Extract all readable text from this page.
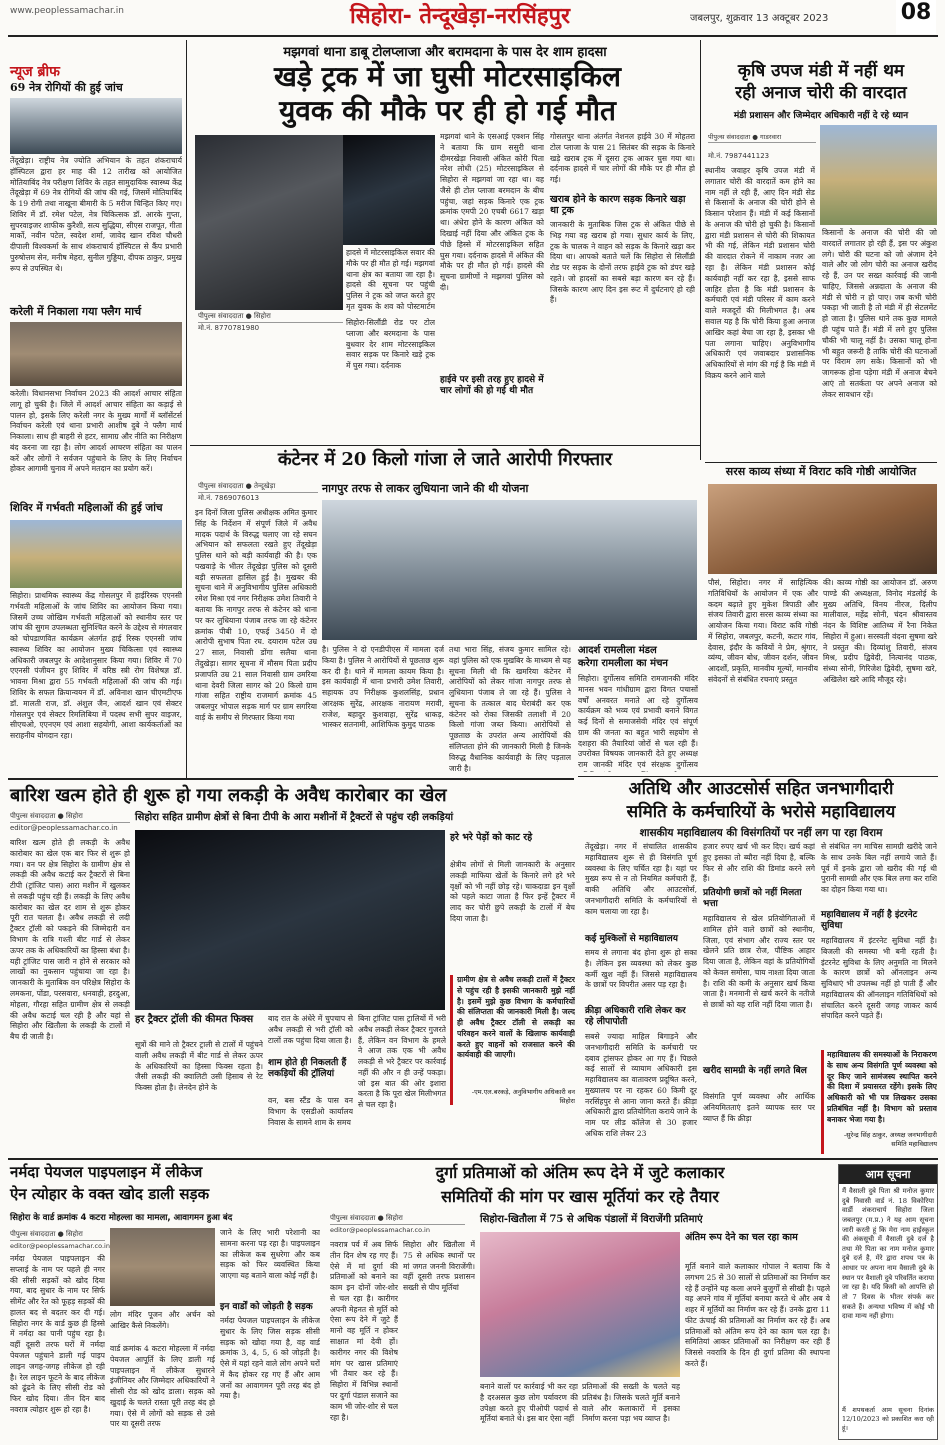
www.peoplessamachar.in	सिहोरा- तेन्दूखेड़ा-नरसिंहपुर	जबलपुर, शुक्रवार 13 अक्टूबर 2023	08
न्यूज ब्रीफ
69 नेत्र रोगियों की हुई जांच
तेंदूखेड़ा। राष्ट्रीय नेत्र ज्योति अभियान के तहत शंकराचार्य हॉस्पिटल द्वारा हर माह की 12 तारीख को आयोजित मोतियाबिंद नेत्र परीक्षण शिविर के तहत सामुदायिक स्वास्थ्य केंद्र तेंदूखेड़ा में 69 नेत्र रोगियों की जांच की गई, जिसमें मोतियाबिंद के 19 रोगी तथा नाखूना बीमारी के 5 मरीज चिन्हित किए गए। शिविर में डॉ. रमेश पटेल, नेत्र चिकित्सक डॉ. आरके गुप्ता, सुपरवाइजर शाफीक कुरैशी, सत्य सुद्धिया, सीएस राजपूत, गीता मार्को, नवीन पटेल, स्वदेश शर्मा, जावेद खान रविश चौधरी दीपाली विश्वकर्मा के साथ शंकराचार्य हॉस्पिटल से कैंप प्रभारी पुरुषोत्तम सेन, मनीष मेहरा, सुनील गुड्डिया, दीपक ठाकुर, प्रमुख रूप से उपस्थित थे।
करेली में निकाला गया फ्लैग मार्च
करेली। विधानसभा निर्वाचन 2023 की आदर्श आचार संहिता लागू हो चुकी है। जिले में आदर्श आचार संहिता का कड़ाई से पालन हो, इसके लिए करेली नगर के मुख्य मार्गों में ब्लॉसेंटर्स निर्वाचन करेली एवं थाना प्रभारी आशीष दुबे ने फ्लैग मार्च निकाला। साथ ही बाहरी से हटर, सामाग्र और नीति का निरीक्षण बंद करना जा रहा है। लोग आदर्श आचरण संहिता का पालन करें और लोगों ने सर्वजन पहुंचाने के लिए के लिए निर्वाचन होकर आगामी चुनाव में अपने मतदान का प्रयोग करें।
शिविर में गर्भवती महिलाओं की हुई जांच
सिहोरा। प्राथमिक स्वास्थ्य केंद्र गोसलपुर में हाईरिस्क एएनसी गर्भवती महिलाओं के जांच शिविर का आयोजन किया गया। जिसमें उच्च जोखिम गर्भवती महिलाओं को स्थानीय स्तर पर जांच की सुगम उपलब्धता सुनिश्चित करने के उद्देश्य से मंगलवार को चोपडाणवित कार्यक्रम अंतर्गत हाई रिस्क एएनसी जांच स्वास्थ्य शिविर का आयोजन मुख्य चिकित्सा एवं स्वास्थ्य अधिकारी जबलपुर के आदेशानुसार किया गया। शिविर में 70 एएनसी पंजीयन हुए शिविर में वरिष्ठ स्त्री रोग विशेषज्ञ डॉ. भावना मिश्रा द्वारा 55 गर्भवती महिलाओं की जांच की गई। शिविर के सफल क्रियान्वयन में डॉ. अविनाश खान चीएमटीएफ डॉ. मालती राज, डॉ. अंशुल जैन, आदर्श खान एवं सेक्टर गोसलपुर एवं सेक्टर रिमलिबिया में पदस्थ सभी सुपर वाइजर, सीएचओ, एएनएम एवं आशा सहयोगी, आशा कार्यकर्ताओं का सराहनीय योगदान रहा।
मझगवां थाना डाबू टोलप्लाजा और बरामदाना के पास देर शाम हादसा
खड़े ट्रक में जा घुसी मोटरसाइकिल
युवक की मौके पर ही हो गई मौत
पीपुल्स संवाददाता ● सिहोरा
मो.नं. 8770781980
हादसे में मोटरसाइकिल सवार की मौके पर ही मौत हो गई। मझगवां थाना क्षेत्र का बताया जा रहा है। हादसे की सूचना पर पहुंची पुलिस ने ट्रक को जप्त करते हुए मृत युवक के शव को पोस्टमार्टम
सिहोरा-सिलौंडी रोड पर टोल प्लाजा और बरमदाना के पास बुधवार देर शाम मोटरसाइकिल सवार सड़क पर किनारे खड़े ट्रक में घुस गया। दर्दनाक
मझगवां थाने के एसआई एक्शन सिंह ने बताया कि ग्राम ससुरी थाना दीमरखेड़ा निवासी अंकित कोरी पिता नरेश लोधी (25) मोटरसाइकिल से सिहोरा से मझगवां जा रहा था। वह जैसे ही टोल प्लाजा बरमदान के बीच पहुंचा, जहां सड़क किनारे एक ट्रक क्रमांक एमपी 20 एचबी 6617 खड़ा था। अंधेरा होने के कारण अंकित को दिखाई नहीं दिया और अंकित ट्रक के पीछे हिस्से में मोटरसाइकिल सहित घुस गया। दर्दनाक हादसे में अंकित की मौके पर ही मौत हो गई। हादसे की सूचना ग्रामीणों ने मझगवां पुलिस को दी।
हाईवे पर इसी तरह हुए हादसे में चार लोगों की हो गई थी मौत
गोसलपुर थाना अंतर्गत नेशनल हाईवे 30 में मोहतरा टोल प्लाजा के पास 21 सितंबर की सड़क के किनारे खड़े खराब ट्रक में दूसरा ट्रक आकर घुस गया था। दर्दनाक हादसे में चार लोगों की मौके पर ही मौत हो गई।
खराब होने के कारण सड़क किनारे खड़ा था ट्रक
जानकारी के मुताबिक जिस ट्रक से अंकित पीछे से भिड़ गया वह खराब हो गया। सुधार कार्य के लिए, ट्रक के चालक ने वाहन को सड़क के किनारे खड़ा कर दिया था। आपको बताते चलें कि सिहोरा से सिलौंडी रोड पर सड़क के दोनों तरफ हाईवे ट्रक को डंपर खड़े रहते। जो हादसों का सबसे बड़ा कारण बन रहे हैं। जिसके कारण आए दिन इस रूट में दुर्घटनाएं हो रही हैं।
कृषि उपज मंडी में नहीं थम
रही अनाज चोरी की वारदात
मंडी प्रशासन और जिम्मेदार अधिकारी नहीं दे रहे ध्यान
पीपुल्स संवाददाता ● गाडरवारा
मो.नं. 7987441123
स्थानीय जवाहर कृषि उपज मंडी में लगातार चोरी की वारदातें कम होने का नाम नहीं ले रही हैं, आए दिन मंडी सेड से किसानों के अनाज की चोरी होने से किसान परेशान हैं। मंडी में कई किसानों के अनाज की चोरी हो चुकी है। किसानों द्वारा मंडी प्रशासन से चोरी की शिकायत भी की गई, लेकिन मंडी प्रशासन चोरी की वारदात रोकने में नाकाम नजर आ रहा है। लेकिन मंडी प्रशासन कोई कार्यवाही नहीं कर रहा है, इससे साफ जाहिर होता है कि मंडी प्रशासन के कर्मचारी एवं मंडी परिसर में काम करने वाले मजदूरों की मिलीभगत है। अब सवाल यह है कि चोरी किया हुआ अनाज आखिर कहां बेचा जा रहा है, इसका भी पता लगाना चाहिए। अनुविभागीय अधिकारी एवं जवाबदार प्रशासनिक अधिकारियों से मांग की गई है कि मंडी में विक्रय करने आने वाले
किसानों के अनाज की चोरी की जो वारदातें लगातार हो रही हैं, इस पर अंकुश लगे। चोरी की घटना को जो अंजाम देने वाले और जो लोग चोरी का अनाज खरीद रहे हैं, उन पर सख्त कार्रवाई की जानी चाहिए, जिससे अन्नदाता के अनाज की मंडी से चोरी न हो पाए। जब कभी चोरी पकड़ा भी जाती है तो मंडी में ही सेटलमेंट हो जाता है। पुलिस थाने तक कुछ मामले ही पहुंच पाते हैं। मंडी में लगे हुए पुलिस चौकी भी चालू नहीं है। उसका चालू होना भी बहुत जरूरी है ताकि चोरी की घटनाओं पर विराम लग सके। किसानों को भी जागरूक होना पड़ेगा मंडी में अनाज बेचने आएं तो सतर्कता पर अपने अनाज को लेकर सावधान रहें।
कंटेनर में 20 किलो गांजा ले जाते आरोपी गिरफ्तार
पीपुल्स संवाददाता ● तेन्दूखेड़ा
मो.नं. 7869076013
नागपुर तरफ से लाकर लुधियाना जाने की थी योजना
इन दिनों जिला पुलिस अधीक्षक अमित कुमार सिंह के निर्देशन में संपूर्ण जिले में अवैध मादक पदार्थ के विरुद्ध चलाए जा रहे सघन अभियान को सफलता रखते हुए तेंदूखेड़ा पुलिस थाने को बड़ी कार्यवाही की है। एक पखवाड़े के भीतर तेंदूखेड़ा पुलिस को दूसरी बड़ी सफलता हासिल हुई है। मुखबर की सूचना थाने में अनुविभागीय पुलिस अधिकारी रमेश मिश्रा एवं नगर निरीक्षक उमेश तिवारी ने बताया कि नागपुर तरफ से कंटेनर को धाना पर कर लुधियाना पंजाब तरफ जा रहे कंटेनर क्रमांक पीबी 10, एफई 3450 में दो आरोपी सुभाष पिता रघ. दयाराम पटेल उम्र 27 साल, निवासी डोंगा सलैया थाना तेंदुखेड़ा। सागर सूचना में मौसम पिता प्रदीप प्रजापति उम्र 21 साल निवासी ग्राम उमरिया थाना देवरी जिला सागर को 20 किलो ग्राम गांजा सहित राष्ट्रीय राजमार्ग क्रमांक 45 जबलपुर भोपाल सड़क मार्ग पर ग्राम सगरिया वार्ड़ के समीप से गिरफ्तार किया गया
है। पुलिस ने दो एनडीपीएस में मामला दर्ज किया है। पुलिस ने आरोपियों से पूछताछ शुरू कर दी है। थाने में मामला कायम किया है। इस कार्यवाही में थाना प्रभारी उमेश तिवारी, सहायक उप निरीक्षक कुशलसिंह, प्रधान आरक्षक सुरेंद्र, आरक्षक नारायण मरावी, राजेश, बहादुर कुशवाहा, सुरेंद्र धाकड़, भास्कर सतनामी, आशिफिक कुमुद पाठक
तथा भारा सिंह, संजय कुमार सामिल रहे। वहां पुलिस को एक मुखबिर के माध्यम से यह सूचना मिली थी कि खमरिया कंटेनर में आरोपियों को लेकर गांजा नागपुर तरफ से लुधियाना पंजाब ले जा रहे हैं। पुलिस ने सूचना के तत्काल बाद घेराबंदी कर एक कंटेनर को रोका जिसकी तलाशी में 20 किलो गांजा जब्त किया। आरोपियों से पूछताछ के उपरांत अन्य आरोपियों की संलिप्तता होने की जानकारी मिली है जिनके विरुद्ध वैधानिक कार्यवाही के लिए पड़ताल जारी है।
आदर्श रामलीला मंडल
करेगा रामलीला का मंचन
सिहोरा। दुर्गोत्सव समिति रामजानकी मंदिर मानस भवन गांधीग्राम द्वारा विगत पचासों वर्षों अनवरत मनाते आ रहे दुर्गोत्सव कार्यक्रम को भव्य एवं प्रभावी बनाने विगत कई दिनों से समाजसेवी मंदिर एवं संपूर्ण ग्राम की जनता का बहुत भारी सहयोग से दशहरा की तैयारियां जोरों से चल रही हैं। उपरोक्त विषयक जानकारी देते हुए अध्यक्ष राम जानकी मंदिर एवं संरक्षक दुर्गोत्सव
सरस काव्य संध्या में विराट कवि गोष्ठी आयोजित
पौसं, सिहोरा। नगर में साहित्यिक गतिविधियों के आयोजन में एक और कदम बढ़ाते हुए मुकेश त्रिपाठी और संजय तिवारी द्वारा सरस काव्य संध्या का आयोजन किया गया। विराट कवि गोष्ठी में सिहोरा, जबलपुर, कटनी, कटार गांव, देवास, इंदौर के कवियों ने प्रेम, श्रृंगार, व्यंग्य, जीवन बोध, जीवन दर्शन, जीवन आदर्शों, प्रकृति, मानवीय मूल्यों, मानवीय संवेदनों से संबंधित रचनाएं प्रस्तुत
की। काव्य गोष्ठी का आयोजन डॉ. अरुण पाण्डे की अध्यक्षता, विनोद मंडलोई के मुख्य अतिथि, विनय नीरज, दिलीप मालीवाल, महेंद्र सोनी, चंदन श्रीवास्तव नंदन के विशिष्ट आतिथ्य में रैना निकेत सिहोरा में हुआ। सरस्वती वंदना सुषमा खरे ने प्रस्तुत की। दिव्यांशु तिवारी, संजय मिश्र, प्रदीप द्विवेदी, नित्यानंद पाठक, संध्या सोनी, गिरिजेश द्विवेदी, सुषमा खरे, अखिलेश खरे आदि मौजूद रहे।
अतिथि और आउटसोर्स सहित जनभागीदारी
समिति के कर्मचारियों के भरोसे महाविद्यालय
शासकीय महाविद्यालय की विसंगतियों पर नहीं लग पा रहा विराम
बारिश खत्म होते ही शुरू हो गया लकड़ी के अवैध कारोबार का खेल
पीपुल्स संवाददाता ● सिहोरा
editor@peoplessamachar.co.in
सिहोरा सहित ग्रामीण क्षेत्रों से बिना टीपी के आरा मशीनों में ट्रैक्टरों से पहुंच रही लकड़ियां
बारिश खत्म होते ही लकड़ी के अवैध कारोबार का खेल एक बार फिर से शुरू हो गया। वन पर क्षेत्र सिहोरा के ग्रामीण क्षेत्र से लकड़ी की अवैध कटाई कर ट्रैक्टरों से बिना टीपी (ट्रांजिट पास) आरा मशीन में खुलकर से लकड़ी पहुंच रही हैं। लकड़ी के लिए अवैध कारोबार का खेल दर शाम से शुरू होकर पूरी रात चलता है। अवैध लकड़ी से लदी ट्रैक्टर ट्रॉली को पकड़ने की जिम्मेदारी वन विभाग के रात्रि गश्ती बीट गार्ड से लेकर ऊपर तक के अधिकारियों का हिस्सा बंधा है। यही ट्रांजिट पास जारी न होने से सरकार को लाखों का नुकसान पहुंचाया जा रहा है। जानकारी के मुताबिक वन परिक्षेत्र सिहोरा के लमकना, पोंडा, परसवारा, धनवाही, हरदुआ, मोहला, गौरहा सहित ग्रामीण क्षेत्र से लकड़ी की अवैध कटाई चल रही है और यहां से सिहोरा और खितौला के लकड़ी के टालों में बैच दी जाती है।
हरे भरे पेड़ों को काट रहे
क्षेत्रीय लोगों से मिली जानकारी के अनुसार लकड़ी माफिया खेतों के किनारे लगे हरे भरे वृक्षों को भी नहीं छोड़ रहे। चाकदाडा इन वृक्षों को पहले काटा जाता है फिर इन्हें ट्रैक्टर में लाद कर चोरी छुपे लकड़ी के टालों में बेच दिया जाता है।
ग्रामीण क्षेत्र से अवैध लकड़ी टालों में ट्रैक्टर से पहुंच रही है इसकी जानकारी मुझे नहीं है। इसमें मुझे कुछ विभाग के कर्मचारियों की संलिप्तता की जानकारी मिली है। जल्द ही अवैध ट्रैक्टर टॉली से लकड़ी का परिवहन करने वालों के खिलाफ कार्यवाही करते हुए वाहनों को राजसात करने की कार्यवाही की जाएगी।
-एम.एल.बरकड़े, अनुविभागीय अधिकारी वन सिहोरा
हर ट्रैक्टर ट्रॉली की कीमत फिक्स
सूत्रों की माने तो ट्रैक्टर ट्राली से टालों में पहुंचने वाली अवैध लकड़ी में बीट गार्ड से लेकर ऊपर के अधिकारियों का हिस्सा फिक्स रहता है। जैसी लकड़ी की क्वालिटी उसी हिसाब से रेट फिक्स होता है। लेनदेन होने के
बाद रात के अंधेरे में चुपचाप से अवैध लकड़ी से भरी ट्रॉली को टालों तक पहुंचा दिया जाता है।
शाम होते ही निकलती हैं लकड़ियों की ट्रॉलियां
वन, बस स्टैंड के पास वन विभाग के एसडीओ कार्यालय निवास के सामने शाम के समय
बिना ट्रांजिट पास ट्रालियों में भरी अवैध लकड़ी लेकर ट्रैक्टर गुजरते हैं, लेकिन वन विभाग के हमले ने आज तक एक भी अवैध लकड़ी से भरे ट्रैक्टर पर कार्रवाई नहीं की और न ही उन्हें पकड़ा। जो इस बात की ओर इशारा करता है कि पूरा खेल मिलीभगत से चल रहा है।
तेंदूखेड़ा। नगर में संचालित शासकीय महाविद्यालय शुरू से ही विसंगति पूर्ण व्यवस्था के लिए चर्चित रहा है। यहां पर मुख्य रूप से न तो नियमित कर्मचारी हैं, बाकी अतिथि और आउटसोर्स, जनभागीदारी समिति के कर्मचारियों से काम चलाया जा रहा है।
कई मुश्किलों से महाविद्यालय
समय से लगाना बंद होना शुरू हो सका है। लेकिन इस व्यवस्था को लेकर कुछ कर्मी खुश नहीं हैं। जिससे महाविद्यालय के छात्रों पर विपरीत असर पड़ रहा है।
क्रीड़ा अधिकारी राशि लेकर कर रहे लीपापोती
सबसे ज्यादा माहिल बिगाड़ने और जनभागीदारी समिति के कर्मचारी पर दबाव ट्रांसफर होकर आ गए हैं। पिछले कई सालों से व्यायाम अधिकारी इस महाविद्यालय का वातावरण प्रदूषित करने, मुख्यालय पर ना रहकर 60 किमी दूर नरसिंहपुर से आना जाना करते हैं। क्रीड़ा अधिकारी द्वारा प्रतियोगिता कराये जाने के नाम पर लीड कॉलेज से 30 हजार अधिक राशि लेकर 23
हजार रुपए खर्च भी कर दिए। खर्च कहां हुए इसका तो ब्यौरा नहीं दिया है, बल्कि फिर से और राशि की डिमांड करने लगे हैं।
प्रतियोगी छात्रों को नहीं मिलता भत्ता
महाविद्यालय से खेल प्रतियोगिताओं में शामिल होने वाले छात्रों को स्थानीय, जिला, एवं संभाग और राज्य स्तर पर खेलने प्रति छात्र रोज, पौष्टिक आहार दिया जाता है, लेकिन वहां के प्रतियोगियों को केवल समोसा, चाय नाश्ता दिया जाता है। राशि की कमी के अनुसार खर्च किया जाता है। मनमानी से खर्च करने के नतीजे से छात्रों को यह राशि नहीं दिया जाता है।
खरीद सामग्री के नहीं लगते बिल
विसंगति पूर्ण व्यवस्था और आर्थिक अनियमितताएं इतने व्यापक स्तर पर व्याप्त हैं कि क्रीड़ा
से संबंधित नग माचिस सामग्री खरीदे जाने के साथ उनके बिल नहीं लगाये जाते हैं। पूर्व में इनके द्वारा जो खरीद की गई थी पुरानी सामग्री और एक बिल लगा कर राशि का दोहन किया गया था।
महाविद्यालय में नहीं है इंटरनेट सुविधा
महाविद्यालय में इंटरनेट सुविधा नहीं है। बिजली की समस्या भी बनी रहती है। इंटरनेट सुविधा के लिए अनुमति ना मिलने के कारण छात्रों को ऑनलाइन अन्य सुविधाएं भी उपलब्ध नहीं हो पाती हैं और महाविद्यालय की ऑनलाइन गतिविधियों को संचालित करने दूसरी जगह जाकर कार्य संपादित करने पड़ते हैं।
महाविद्यालय की समस्याओं के निराकरण के साथ अन्य विसंगति पूर्ण व्यवस्था को दूर किए जाने सामंजस्य स्थापित करने की दिशा में प्रयासरत रहेंगे। इसके लिए अधिकारी को भी पत्र लिखकर उसका प्रतिबंधित नहीं है। विभाग को प्रस्ताव बनाकर भेजा गया है।
-सुरेन्द्र सिंह ठाकुर, अध्यक्ष जनभागीदारी समिति महाविद्यालय
नर्मदा पेयजल पाइपलाइन में लीकेज
ऐन त्योहार के वक्त खोद डाली सड़क
सिहोरा के वार्ड क्रमांक 4 कटरा मोहल्ला का मामला, आवागमन हुआ बंद
पीपुल्स संवाददाता ● सिहोरा
editor@peoplessamachar.co.in
नर्मदा पेयजल पाइपलाइन की सप्लाई के नाम पर पहले ही नगर की सीसी सड़कों को खोद दिया गया, बाद सुधार के नाम पर सिर्फ सीमेंट और रेत को फूहड़ सड़कों की हालत बद से बदतर कर दी गई। सिहोरा नगर के वार्ड कुछ ही हिस्से में नर्मदा का पानी पहुंच रहा है। वहीं दूसरी तरफ घरों में नर्मदा पेयजल पहुंचाने डाली गई पाइप लाइन जगह-जगह लीकेज हो रही है। रेल लाइन फूटने के बाद लीकेज को ढूंढने के लिए सीसी रोड को फिर खोद दिया। तीन दिन बाद नवरात्र त्योहार शुरू हो रहा है।
लोग मंदिर पूजन और अर्चन को आखिर कैसे निकलेंगे।
वार्ड क्रमांक 4 कटरा मोहल्ला में नर्मदा पेयजल आपूर्ति के लिए डाली गई पाइपलाइन में लीकेज सुधारने इंजीनियर और जिम्मेदार अधिकारियों ने सीसी रोड को खोद डाला। सड़क को खुदाई के चलते रास्ता पूरी तरह बंद हो गया। ऐसे में लोगों को सड़क से उसे पार या दूसरी तरफ
जाने के लिए भारी परेशानी का सामना करना पड़ रहा है। पाइपलाइन का लीकेज कब सुधरेगा और कब सड़क को फिर व्यवस्थित किया जाएगा यह बताने वाला कोई नहीं है।
इन वार्डों को जोड़ती है सड़क
नर्मदा पेयजल पाइपलाइन के लीकेज सुधार के लिए जिस सड़क सीसी सड़क को खोदा गया है, वह वार्ड क्रमांक 3, 4, 5, 6 को जोड़ती है। ऐसे में यहां रहने वाले लोग अपने घरों में कैद होकर रह गए हैं और आम जनों का आवागमन पूरी तरह बंद हो गया है।
दुर्गा प्रतिमाओं को अंतिम रूप देने में जुटे कलाकार
समितियों की मांग पर खास मूर्तियां कर रहे तैयार
पीपुल्स संवाददाता ● सिहोरा
editor@peoplessamachar.co.in
सिहोरा-खितौला में 75 से अधिक पंडालों में विराजेंगी प्रतिमाएं
नवरात्र पर्व में अब सिर्फ तीन दिन शेष रह गए हैं। ऐसे में मां दुर्गा की प्रतिमाओं को बनाने का काम इन दोनों जोर-शोर से चल रहा है। कारीगर अपनी मेहनत से मूर्ति को ऐसा रूप देने में जुटे हैं मानो वह मूर्ति न होकर साक्षात मां देवी हों। कारीगर नगर की विशेष मांग पर खास प्रतिमाएं भी तैयार कर रहे हैं। सिहोरा में विभिन्न स्थानों पर दुर्गा पंडाल सजाने का काम भी जोर-शोर से चल रहा है।
सिहोरा और खितौला में 75 से अधिक स्थानों पर मां जगत जननी विराजेंगी। वहीं दूसरी तरफ प्रशासन सख्ती से पीप मूर्तियां
बनाने वालों पर कार्रवाई भी कर रहा है दरअसल कुछ लोग पर्यावरण की उपेक्षा करते हुए पीओपी पदार्थ से मूर्तियां बनाते थे। इस बार ऐसा नहीं
प्रतिमाओं की सख्ती के चलते यह प्रतिबंध है। जिसके चलते मूर्ति बनाने वाले और कलाकारों में इसका निर्माण करना पड़ा भय व्याप्त है।
अंतिम रूप देने का चल रहा काम
मूर्ति बनाने वाले कलाकार गोपाल ने बताया कि वे लगभग 25 से 30 सालों से प्रतिमाओं का निर्माण कर रहे हैं उन्होंने यह कला अपने बुजुर्गों से सीखी है। पहले वह अपने गांव में मूर्तियां बनाया करते थे और अब वे शहर में मूर्तियों का निर्माण कर रहे हैं। उनके द्वारा 11 फीट ऊंचाई की प्रतिमाओं का निर्माण कर रहे हैं। अब प्रतिमाओं को अंतिम रूप देने का काम चल रहा है। समितियां आकर प्रतिमाओं का निरीक्षण कर रही हैं जिससे नवरात्रि के दिन ही दुर्गा प्रतिमा की स्थापना करते हैं।
आम सूचना
मैं वैसाली दुबे पिता श्री मनोज कुमार दुबे निवासी वार्ड नं. 18 विकोरिया वार्डी शंकराचार्य सिहोरा जिला जबलपुर (म.प्र.) ने यह आम सूचना जारी करती हूं कि मेरा नाम हाईस्कूल की अंकसूची में वैसाली दुबे दर्ज है तथा मेरे पिता का नाम मनोज कुमार दुबे दर्ज है, मेरे द्वारा शपथ पत्र के आधार पर अपना नाम वैसाली दुबे के स्थान पर वैशाली दुबे परिवर्तित कराया जा रहा है। यदि किसी को आपत्ति हो तो 7 दिवस के भीतर संपर्क कर सकते हैं। अन्यथा भविष्य में कोई भी दावा मान्य नहीं होगा।
मैं शपथकर्ता आम सूचना दिनांक 12/10/2023 को प्रकाशित करा रही हूं।
